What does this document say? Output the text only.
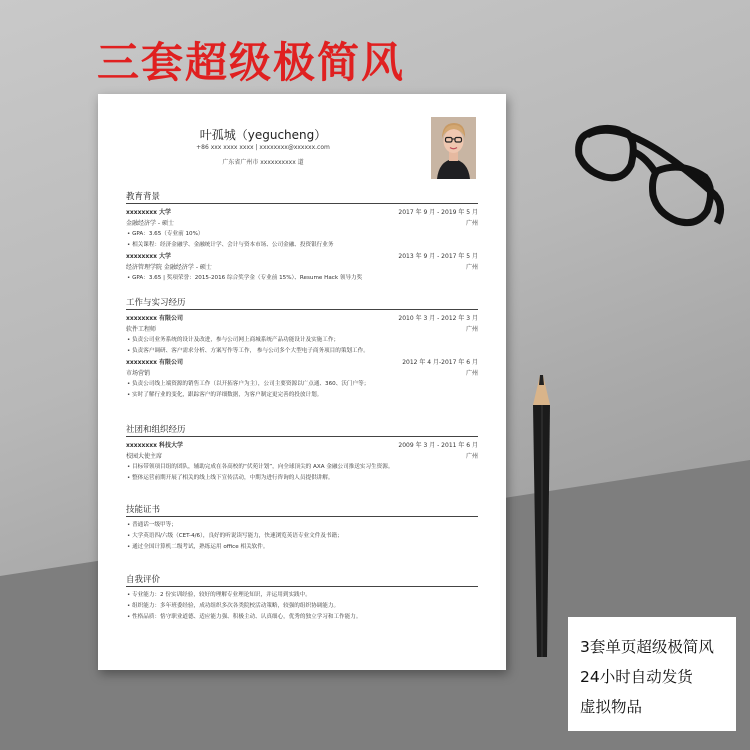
三套超级极简风
叶孤城（yegucheng）
+86 xxx xxxx xxxx | xxxxxxxx@xxxxxx.com
广东省广州市 xxxxxxxxxx 道
教育背景
xxxxxxxx 大学	2017 年 9 月 - 2019 年 5 月
金融经济学 - 硕士	广州
• GPA：3.65（专业前 10%）
• 相关课程：经济金融学、金融统计学、会计与资本市场、公司金融、投资银行业务
xxxxxxxx 大学	2013 年 9 月 - 2017 年 5 月
经济管理学院 金融经济学 - 硕士	广州
• GPA：3.65 | 奖项荣誉：2015-2016 综合奖学金（专业前 15%）、Resume Hack 领导力奖
工作与实习经历
xxxxxxxx 有限公司	2010 年 3 月 - 2012 年 3 月
软件工程师	广州
• 负责公司业务系统的设计及改进，参与公司网上商城系统产品功能设计及实施工作；
• 负责客户调研、客户需求分析、方案写作等工作， 参与公司多个大型电子商务项目的策划工作。
xxxxxxxx 有限公司	2012 年 4 月-2017 年 6 月
市场营销	广州
• 负责公司线上端资源的销售工作（以开拓客户为主），公司主要资源以广点通、360、沃门户等；
• 实时了解行业的变化，跟踪客户的详细数据，为客户制定更完善的投放计划。
社团和组织经历
xxxxxxxx 科技大学	2009 年 3 月 - 2011 年 6 月
校园大使主席	广州
• 目标带领项目组的团队，辅助完成在各高校的“伏苑计划”，向全球顶尖的 AXA 金融公司推送实习生资源。
• 整体运营前期开展了相关的线上线下宣传活动，中期为进行咨询的人员提供讲解。
技能证书
• 普通话一级甲等；
• 大学英语四/六级（CET-4/6），良好的听说读写能力，快速浏览英语专业文件及书籍；
• 通过全国计算机二级考试，熟练运用 office 相关软件。
自我评价
• 专业能力：2 份实训经验，较好的理解专业理论知识，并运用到实践中。
• 组织能力：多年班委经验，成功组织多次各类院校活动策略，较强的组织协调能力。
• 性格品质：恪守职业道德、适应能力强、积极主动、认真细心，优秀的独立学习和工作能力。
3套单页超级极简风
24小时自动发货
虚拟物品
